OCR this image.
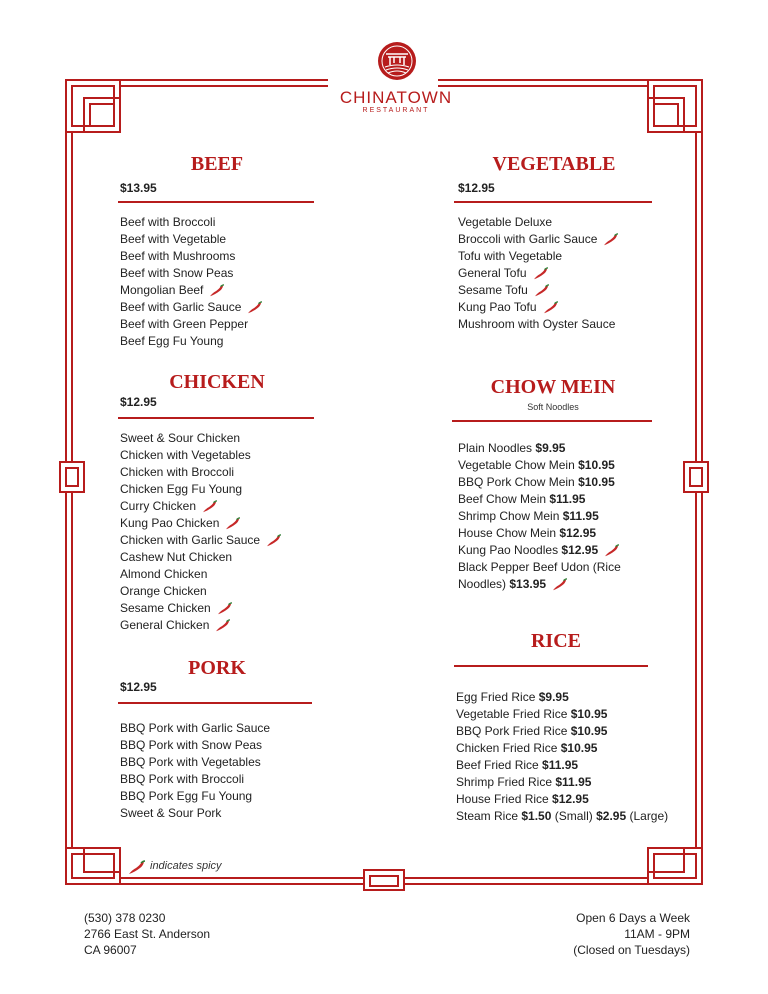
CHINATOWN
RESTAURANT
BEEF
$13.95
Beef with Broccoli
Beef with Vegetable
Beef with Mushrooms
Beef with Snow Peas
Mongolian Beef
Beef with Garlic Sauce
Beef with Green Pepper
Beef Egg Fu Young
VEGETABLE
$12.95
Vegetable Deluxe
Broccoli with Garlic Sauce
Tofu with Vegetable
General Tofu
Sesame Tofu
Kung Pao Tofu
Mushroom with Oyster Sauce
CHICKEN
$12.95
Sweet & Sour Chicken
Chicken with Vegetables
Chicken with Broccoli
Chicken Egg Fu Young
Curry Chicken
Kung Pao Chicken
Chicken with Garlic Sauce
Cashew Nut Chicken
Almond Chicken
Orange Chicken
Sesame Chicken
General Chicken
CHOW MEIN
Soft Noodles
Plain Noodles $9.95
Vegetable Chow Mein $10.95
BBQ Pork Chow Mein $10.95
Beef Chow Mein $11.95
Shrimp Chow Mein $11.95
House Chow Mein $12.95
Kung Pao Noodles $12.95
Black Pepper Beef Udon (Rice
Noodles) $13.95
PORK
$12.95
BBQ Pork with Garlic Sauce
BBQ Pork with Snow Peas
BBQ Pork with Vegetables
BBQ Pork with Broccoli
BBQ Pork Egg Fu Young
Sweet & Sour Pork
RICE
Egg Fried Rice $9.95
Vegetable Fried Rice $10.95
BBQ Pork Fried Rice $10.95
Chicken Fried Rice $10.95
Beef Fried Rice $11.95
Shrimp Fried Rice $11.95
House Fried Rice $12.95
Steam Rice $1.50 (Small) $2.95 (Large)
indicates spicy
(530) 378 0230
2766 East St. Anderson
CA 96007
Open 6 Days a Week
11AM - 9PM
(Closed on Tuesdays)
